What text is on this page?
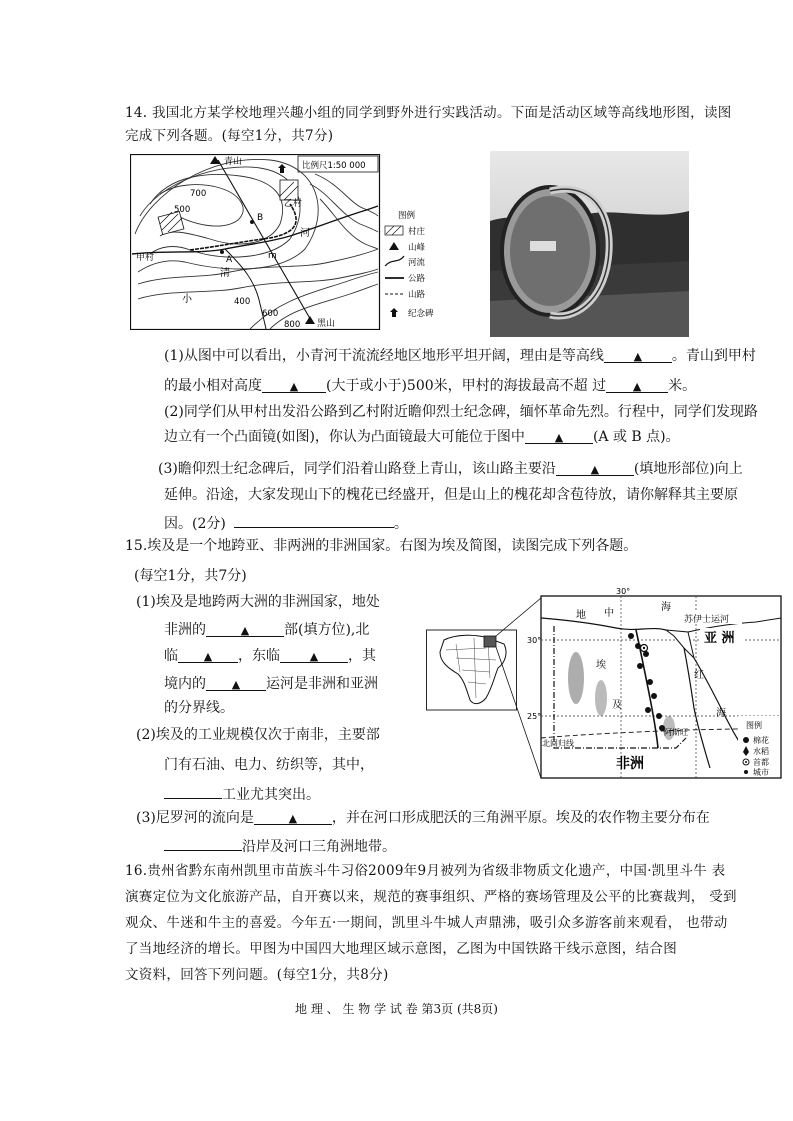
14. 我国北方某学校地理兴趣小组的同学到野外进行实践活动。下面是活动区域等高线地形图，读图
完成下列各题。(每空1分，共7分)
比例尺1:50 000
青山
黑山
甲村
乙村
A
B
m
小
清
河
700
500
400
600
800
图例
村庄
山峰
河流
公路
山路
纪念碑
(1)从图中可以看出，小青河干流流经地区地形平坦开阔，理由是等高线	▲ 。青山到甲村
的最小相对高度	▲ (大于或小于)500米，甲村的海拔最高不超 过 ▲ 米。
(2)同学们从甲村出发沿公路到乙村附近瞻仰烈士纪念碑，缅怀革命先烈。行程中，同学们发现路
边立有一个凸面镜(如图)，你认为凸面镜最大可能位于图中	▲ (A 或 B 点)。
(3)瞻仰烈士纪念碑后，同学们沿着山路登上青山，该山路主要沿	▲ (填地形部位)向上
延伸。沿途，大家发现山下的槐花已经盛开，但是山上的槐花却含苞待放，请你解释其主要原
因。(2分)	。
15.埃及是一个地跨亚、非两洲的非洲国家。右图为埃及简图，读图完成下列各题。
(每空1分，共7分)
(1)埃及是地跨两大洲的非洲国家，地处
非洲的	▲ 部(填方位),北
临 ▲ ，东临	▲ ，其
境内的 ▲ 运河是非洲和亚洲
的分界线。
(2)埃及的工业规模仅次于南非，主要部
门有石油、电力、纺织等，其中，
工业尤其突出。
(3)尼罗河的流向是	▲ ，并在河口形成肥沃的三角洲平原。埃及的农作物主要分布在
沿岸及河口三角洲地带。
30°
30°
25°
地 中
海
苏伊士运河
亚 洲
红
海
埃
及
非洲
北回归线
阿斯旺
图例
棉花
水稻
首都
城市
16.贵州省黔东南州凯里市苗族斗牛习俗2009年9月被列为省级非物质文化遗产，中国·凯里斗牛 表
演赛定位为文化旅游产品，自开赛以来，规范的赛事组织、严格的赛场管理及公平的比赛裁判， 受到
观众、牛迷和牛主的喜爱。今年五·一期间，凯里斗牛城人声鼎沸，吸引众多游客前来观看， 也带动
了当地经济的增长。甲图为中国四大地理区域示意图，乙图为中国铁路干线示意图，结合图
文资料，回答下列问题。(每空1分，共8分)
地 理 、 生 物 学 试 卷 第3页 (共8页)
